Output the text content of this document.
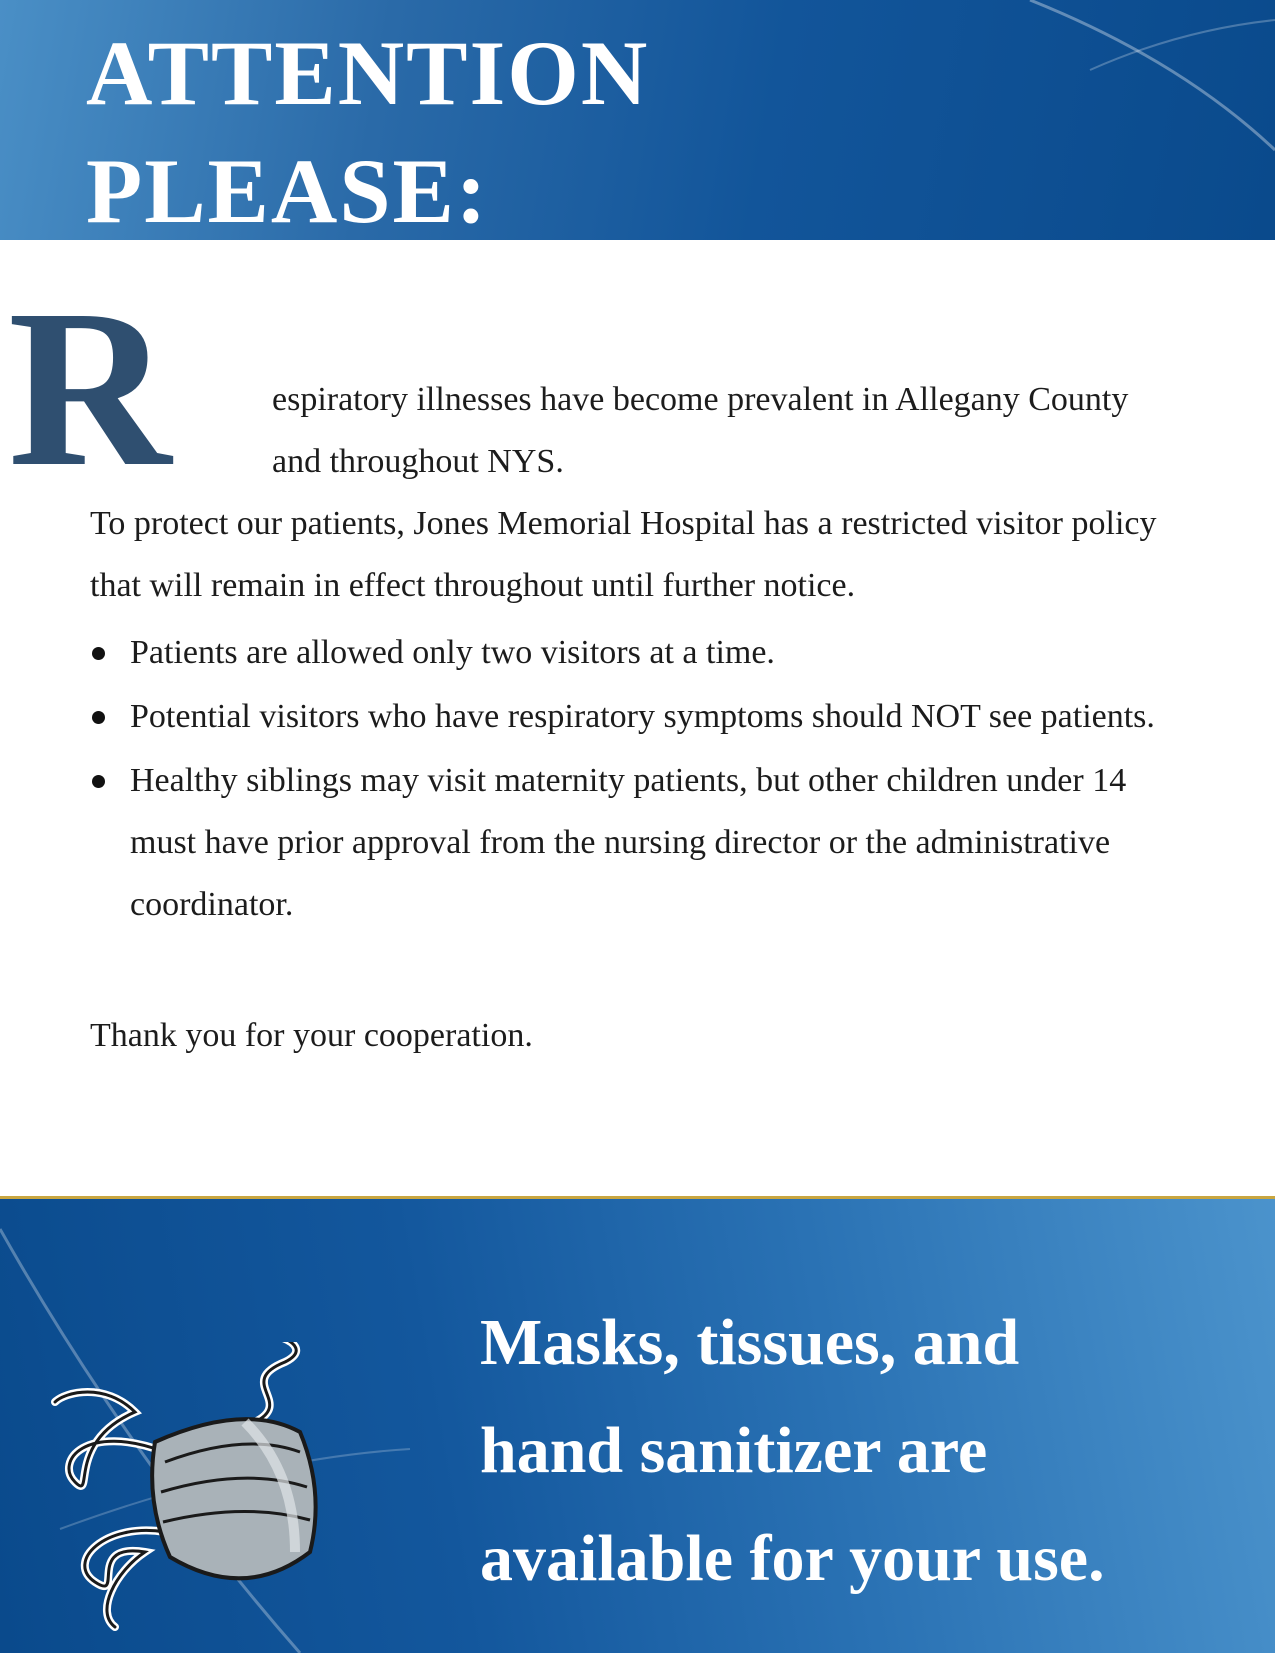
ATTENTION
PLEASE:
R	espiratory illnesses have become prevalent in Allegany County and throughout NYS.
To protect our patients, Jones Memorial Hospital has a restricted visitor policy that will remain in effect throughout until further notice.
Patients are allowed only two visitors at a time.
Potential visitors who have respiratory symptoms should NOT see patients.
Healthy siblings may visit maternity patients, but other children under 14 must have prior approval from the nursing director or the administrative coordinator.
Thank you for your cooperation.

Masks, tissues, and
hand sanitizer are
available for your use.
